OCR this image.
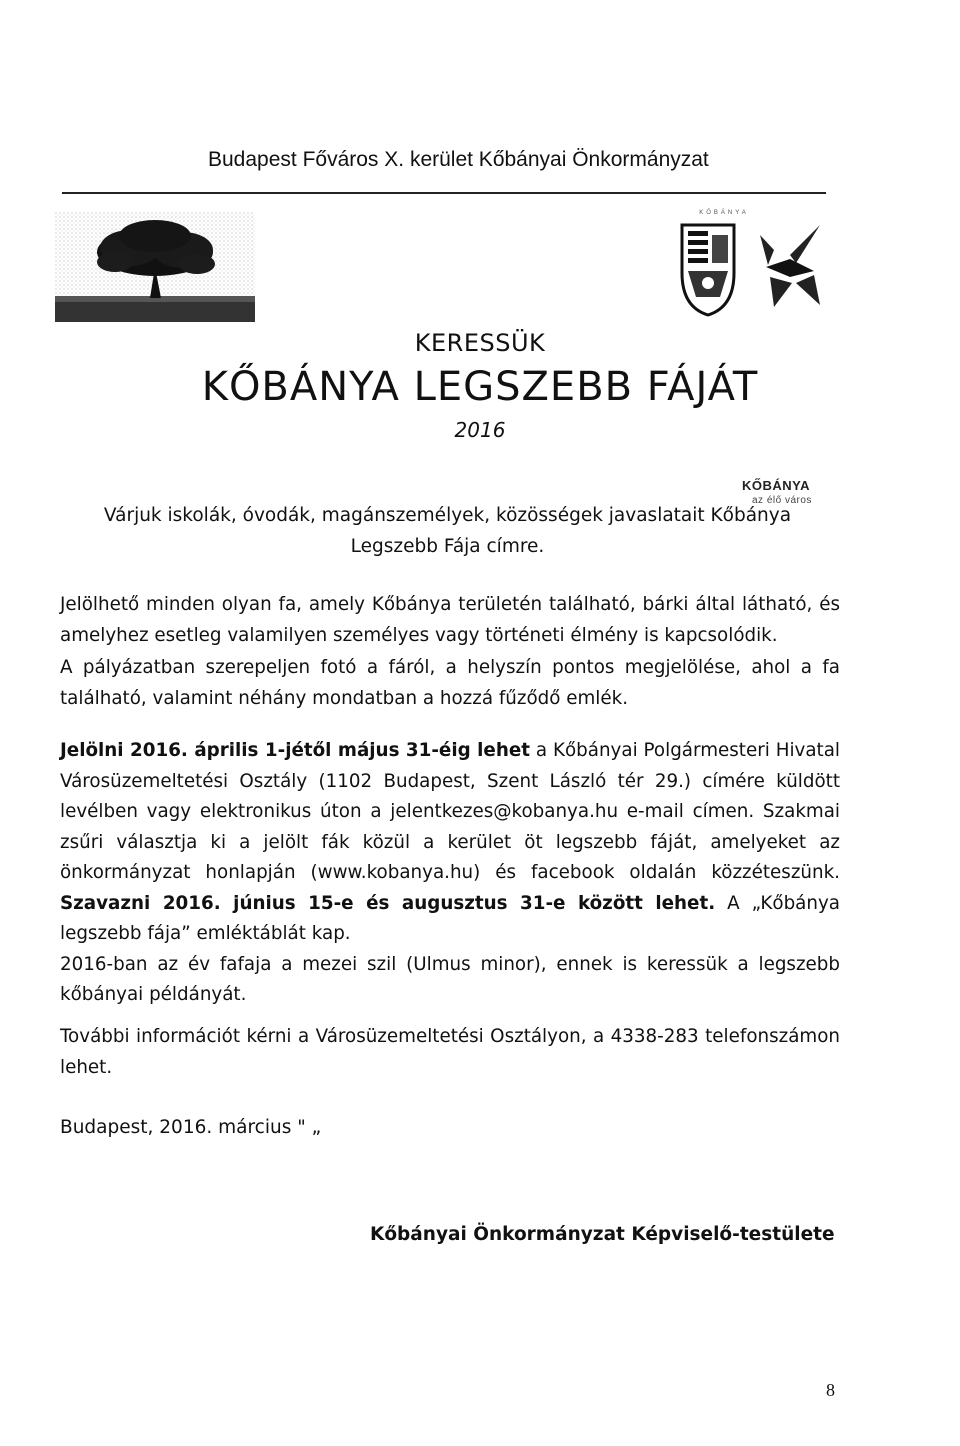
Budapest Főváros X. kerület Kőbányai Önkormányzat
KŐBÁNYA
KŐBÁNYA
az élő város
KERESSÜK
KŐBÁNYA LEGSZEBB FÁJÁT
2016
Várjuk iskolák, óvodák, magánszemélyek, közösségek javaslatait Kőbánya Legszebb Fája címre.
Jelölhető minden olyan fa, amely Kőbánya területén található, bárki által látható, és amelyhez esetleg valamilyen személyes vagy történeti élmény is kapcsolódik.
A pályázatban szerepeljen fotó a fáról, a helyszín pontos megjelölése, ahol a fa található, valamint néhány mondatban a hozzá fűződő emlék.
Jelölni 2016. április 1-jétől május 31-éig lehet a Kőbányai Polgármesteri Hivatal Városüzemeltetési Osztály (1102 Budapest, Szent László tér 29.) címére küldött levélben vagy elektronikus úton a jelentkezes@kobanya.hu e-mail címen. Szakmai zsűri választja ki a jelölt fák közül a kerület öt legszebb fáját, amelyeket az önkormányzat honlapján (www.kobanya.hu) és facebook oldalán közzéteszünk. Szavazni 2016. június 15-e és augusztus 31-e között lehet. A „Kőbánya legszebb fája” emléktáblát kap.
2016-ban az év fafaja a mezei szil (Ulmus minor), ennek is keressük a legszebb kőbányai példányát.
További információt kérni a Városüzemeltetési Osztályon, a 4338-283 telefonszámon lehet.
Budapest, 2016. március " „
Kőbányai Önkormányzat Képviselő-testülete
8
